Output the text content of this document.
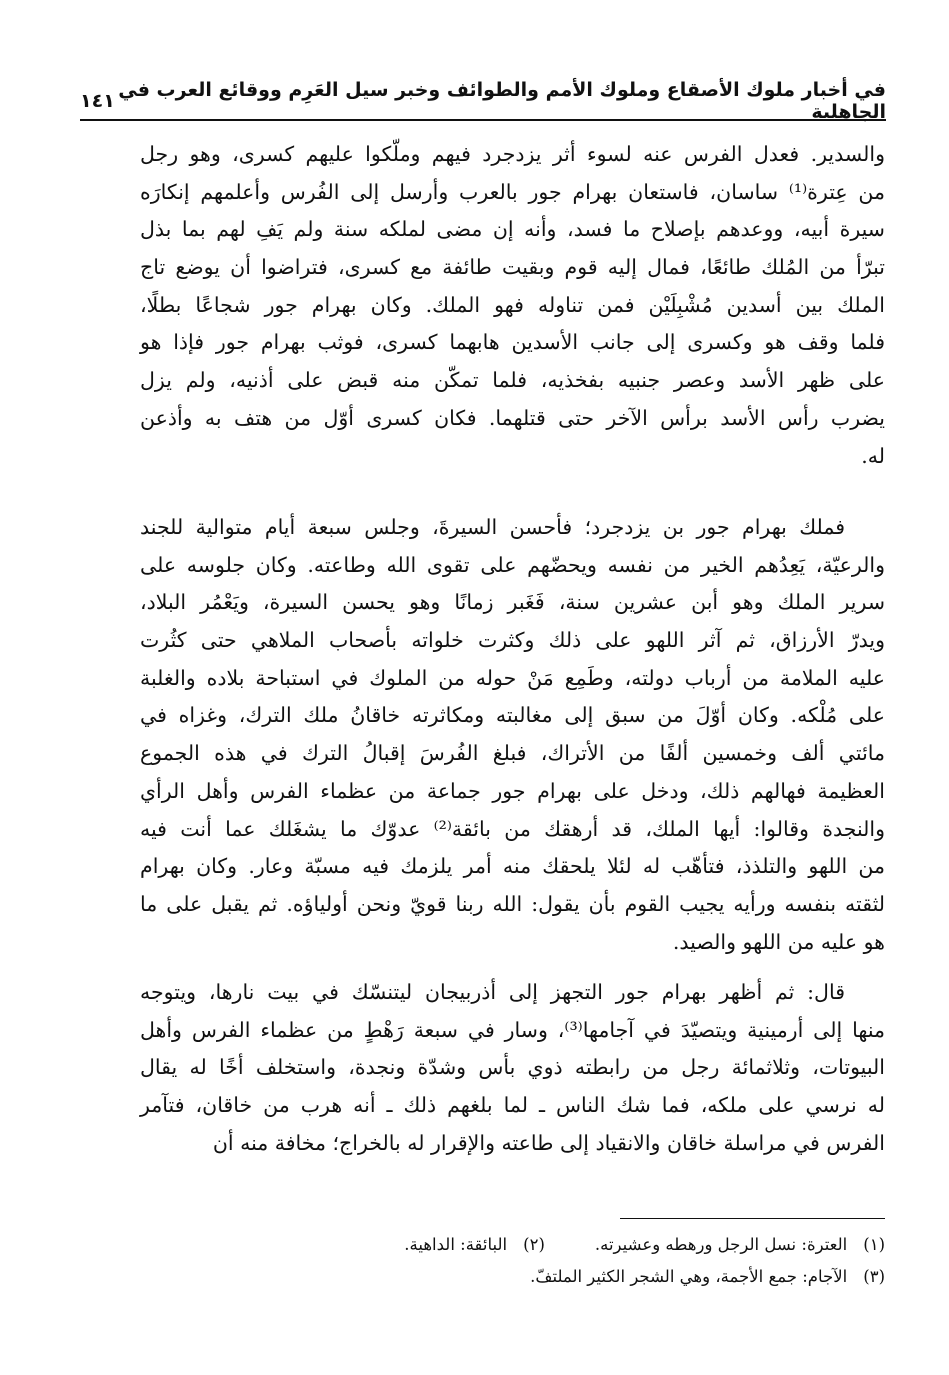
في أخبار ملوك الأصقاع وملوك الأمم والطوائف وخبر سيل العَرِم ووقائع العرب في الجاهلية
١٤١
والسدير. فعدل الفرس عنه لسوء أثر يزدجرد فيهم وملّكوا عليهم كسرى، وهو رجل
من عِترة⁽¹⁾ ساسان، فاستعان بهرام جور بالعرب وأرسل إلى الفُرس وأعلمهم إنكارَه
سيرة أبيه، ووعدهم بإصلاح ما فسد، وأنه إن مضى لملكه سنة ولم يَفِ لهم بما بذل
تبرّأ من المُلك طائعًا، فمال إليه قوم وبقيت طائفة مع كسرى، فتراضوا أن يوضع تاج
الملك بين أسدين مُشْبِلَيْن فمن تناوله فهو الملك. وكان بهرام جور شجاعًا بطلًا،
فلما وقف هو وكسرى إلى جانب الأسدين هابهما كسرى، فوثب بهرام جور فإذا هو
على ظهر الأسد وعصر جنبيه بفخذيه، فلما تمكّن منه قبض على أذنيه، ولم يزل
يضرب رأس الأسد برأس الآخر حتى قتلهما. فكان كسرى أوّل من هتف به وأذعن
له.
فملك بهرام جور بن يزدجرد؛ فأحسن السيرةَ، وجلس سبعة أيام متوالية للجند
والرعيّة، يَعِدُهم الخير من نفسه ويحضّهم على تقوى الله وطاعته. وكان جلوسه على
سرير الملك وهو أبن عشرين سنة، فَغَبر زمانًا وهو يحسن السيرة، ويَعْمُر البلاد،
ويدرّ الأرزاق، ثم آثر اللهو على ذلك وكثرت خلواته بأصحاب الملاهي حتى كثُرت
عليه الملامة من أرباب دولته، وطَمِع مَنْ حوله من الملوك في استباحة بلاده والغلبة
على مُلْكه. وكان أوّلَ من سبق إلى مغالبته ومكاثرته خاقانُ ملك الترك، وغزاه في
مائتي ألف وخمسين ألفًا من الأتراك، فبلغ الفُرسَ إقبالُ الترك في هذه الجموع
العظيمة فهالهم ذلك، ودخل على بهرام جور جماعة من عظماء الفرس وأهل الرأي
والنجدة وقالوا: أيها الملك، قد أرهقك من بائقة⁽²⁾ عدوّك ما يشغَلك عما أنت فيه
من اللهو والتلذذ، فتأهّب له لئلا يلحقك منه أمر يلزمك فيه مسبّة وعار. وكان بهرام
لثقته بنفسه ورأيه يجيب القوم بأن يقول: الله ربنا قويّ ونحن أولياؤه. ثم يقبل على ما
هو عليه من اللهو والصيد.
قال: ثم أظهر بهرام جور التجهز إلى أذربيجان ليتنسّك في بيت نارها، ويتوجه
منها إلى أرمينية ويتصيّدَ في آجامها⁽³⁾، وسار في سبعة رَهْطٍ من عظماء الفرس وأهل
البيوتات، وثلاثمائة رجل من رابطته ذوي بأس وشدّة ونجدة، واستخلف أخًا له يقال
له نرسي على ملكه، فما شك الناس ـ لما بلغهم ذلك ـ أنه هرب من خاقان، فتآمر
الفرس في مراسلة خاقان والانقياد إلى طاعته والإقرار له بالخراج؛ مخافة منه أن
(١)العترة: نسل الرجل ورهطه وعشيرته.(٢)البائقة: الداهية.
(٣)الآجام: جمع الأجمة، وهي الشجر الكثير الملتفّ.
